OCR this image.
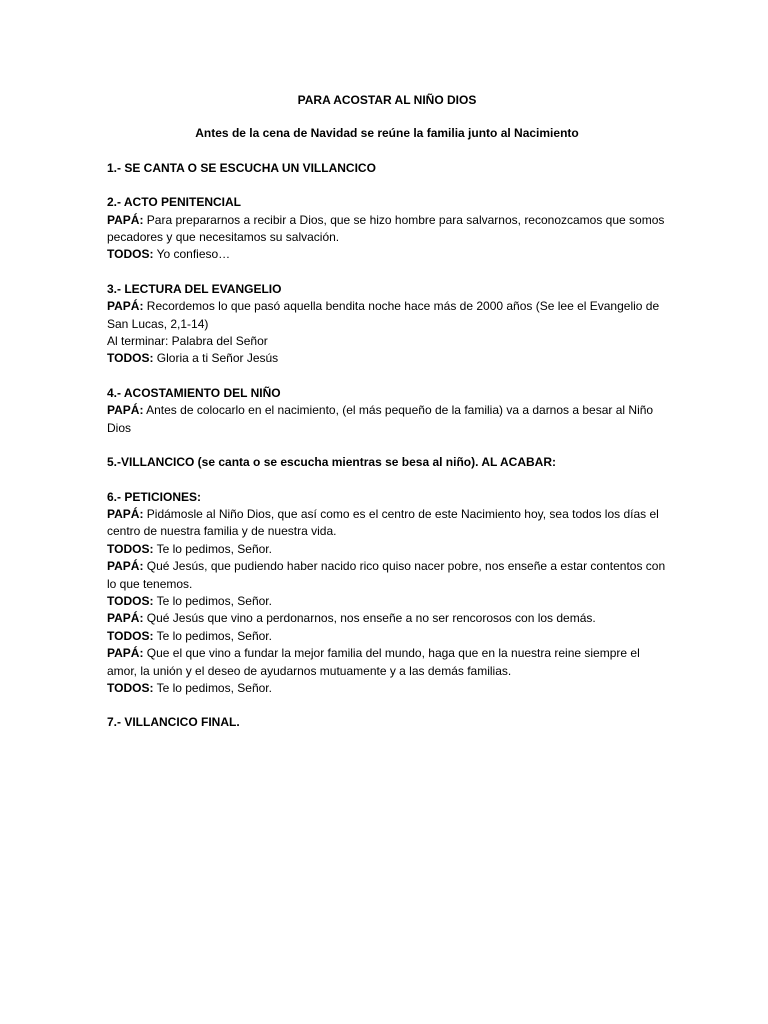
PARA ACOSTAR AL NIÑO DIOS

Antes de la cena de Navidad se reúne la familia junto al Nacimiento

1.- SE CANTA O SE ESCUCHA UN VILLANCICO

2.- ACTO PENITENCIAL

PAPÁ: Para prepararnos a recibir a Dios, que se hizo hombre para salvarnos, reconozcamos que somos pecadores y que necesitamos su salvación.

TODOS: Yo confieso…

3.- LECTURA DEL EVANGELIO

PAPÁ: Recordemos lo que pasó aquella bendita noche hace más de 2000 años (Se lee el Evangelio de San Lucas, 2,1-14)

Al terminar: Palabra del Señor

TODOS: Gloria a ti Señor Jesús

4.- ACOSTAMIENTO DEL NIÑO

PAPÁ: Antes de colocarlo en el nacimiento, (el más pequeño de la familia) va a darnos a besar al Niño Dios

5.-VILLANCICO (se canta o se escucha mientras se besa al niño). AL ACABAR:

6.- PETICIONES:

PAPÁ: Pidámosle al Niño Dios, que así como es el centro de este Nacimiento hoy, sea todos los días el centro de nuestra familia y de nuestra vida.

TODOS: Te lo pedimos, Señor.

PAPÁ: Qué Jesús, que pudiendo haber nacido rico quiso nacer pobre, nos enseñe a estar contentos con lo que tenemos.

TODOS: Te lo pedimos, Señor.

PAPÁ: Qué Jesús que vino a perdonarnos, nos enseñe a no ser rencorosos con los demás.

TODOS: Te lo pedimos, Señor.

PAPÁ: Que el que vino a fundar la mejor familia del mundo, haga que en la nuestra reine siempre el amor, la unión y el deseo de ayudarnos mutuamente y a las demás familias.

TODOS: Te lo pedimos, Señor.

7.- VILLANCICO FINAL.
